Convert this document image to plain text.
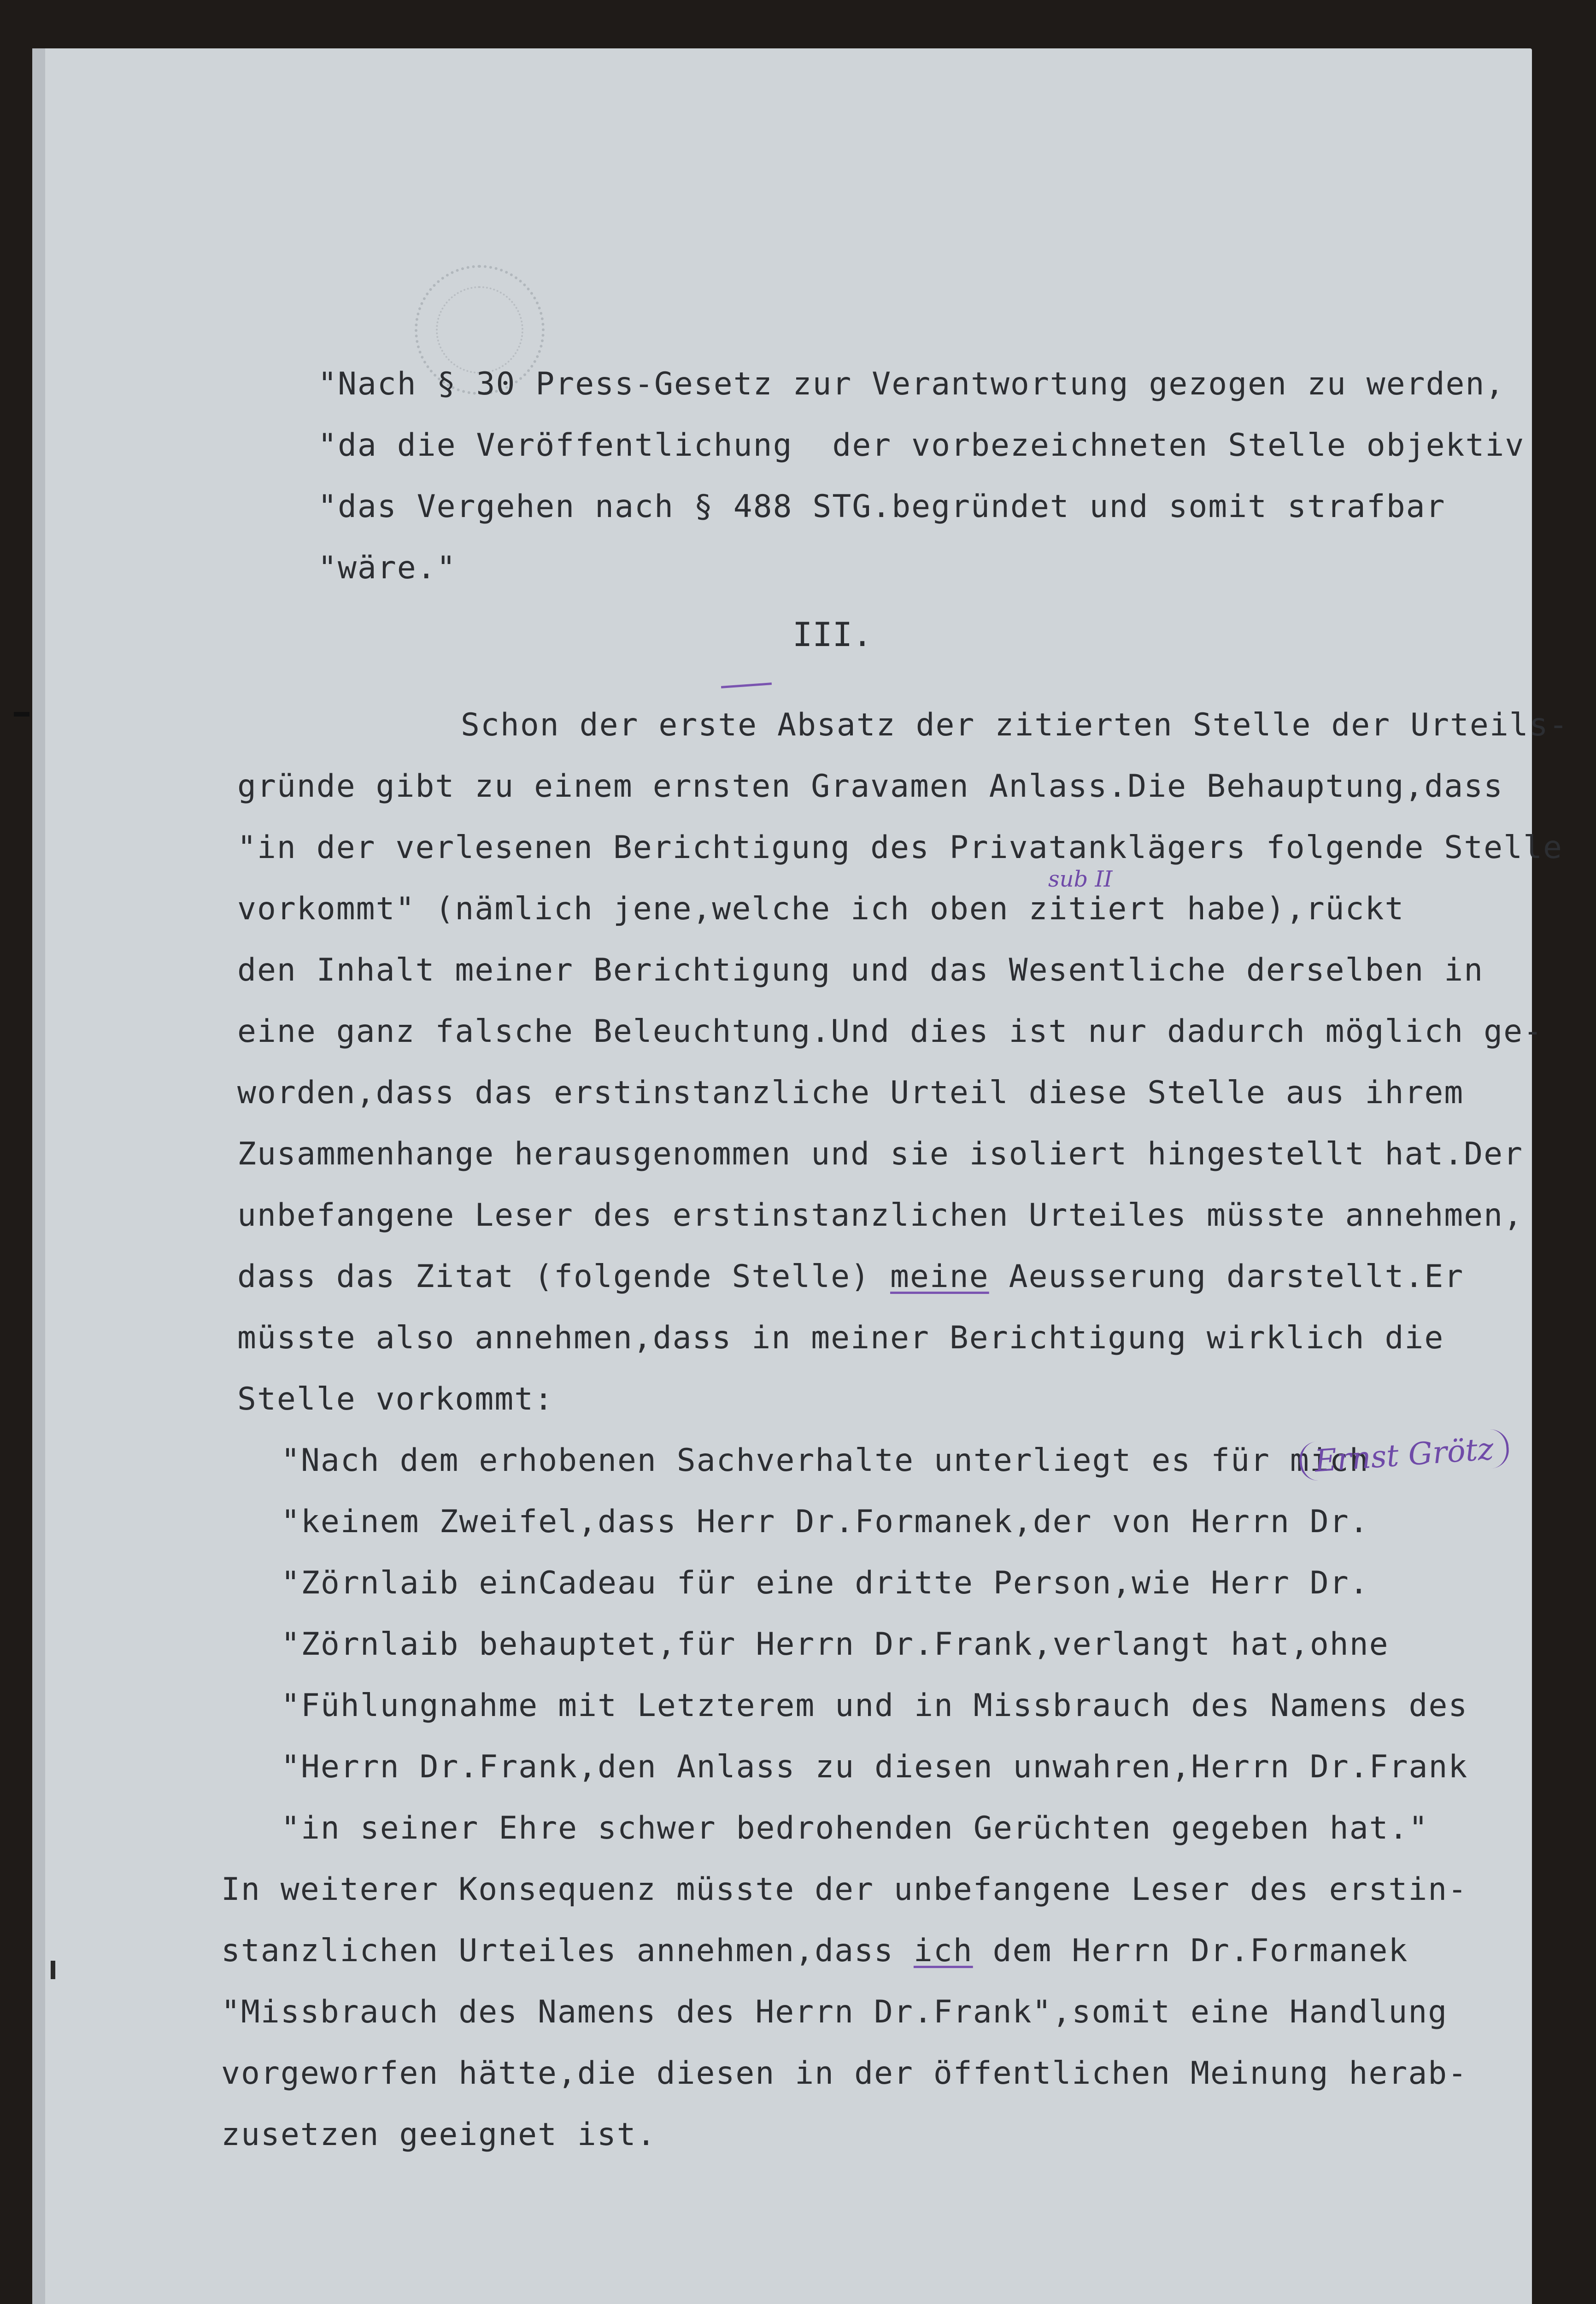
III.
"Nach § 30 Press-Gesetz zur Verantwortung gezogen zu werden,
"da die Veröffentlichung  der vorbezeichneten Stelle objektiv
"das Vergehen nach § 488 STG.begründet und somit strafbar
"wäre."
Schon der erste Absatz der zitierten Stelle der Urteils-
gründe gibt zu einem ernsten Gravamen Anlass.Die Behauptung,dass
"in der verlesenen Berichtigung des Privatanklägers folgende Stelle
vorkommt" (nämlich jene,welche ich oben zitiert habe),rückt
den Inhalt meiner Berichtigung und das Wesentliche derselben in
eine ganz falsche Beleuchtung.Und dies ist nur dadurch möglich ge-
worden,dass das erstinstanzliche Urteil diese Stelle aus ihrem
Zusammenhange herausgenommen und sie isoliert hingestellt hat.Der
unbefangene Leser des erstinstanzlichen Urteiles müsste annehmen,
dass das Zitat (folgende Stelle) meine Aeusserung darstellt.Er
müsste also annehmen,dass in meiner Berichtigung wirklich die
Stelle vorkommt:
"Nach dem erhobenen Sachverhalte unterliegt es für mich
"keinem Zweifel,dass Herr Dr.Formanek,der von Herrn Dr.
"Zörnlaib einCadeau für eine dritte Person,wie Herr Dr.
"Zörnlaib behauptet,für Herrn Dr.Frank,verlangt hat,ohne
"Fühlungnahme mit Letzterem und in Missbrauch des Namens des
"Herrn Dr.Frank,den Anlass zu diesen unwahren,Herrn Dr.Frank
"in seiner Ehre schwer bedrohenden Gerüchten gegeben hat."
In weiterer Konsequenz müsste der unbefangene Leser des erstin-
stanzlichen Urteiles annehmen,dass ich dem Herrn Dr.Formanek
"Missbrauch des Namens des Herrn Dr.Frank",somit eine Handlung
vorgeworfen hätte,die diesen in der öffentlichen Meinung herab-
zusetzen geeignet ist.
sub II
Ernst Grötz
